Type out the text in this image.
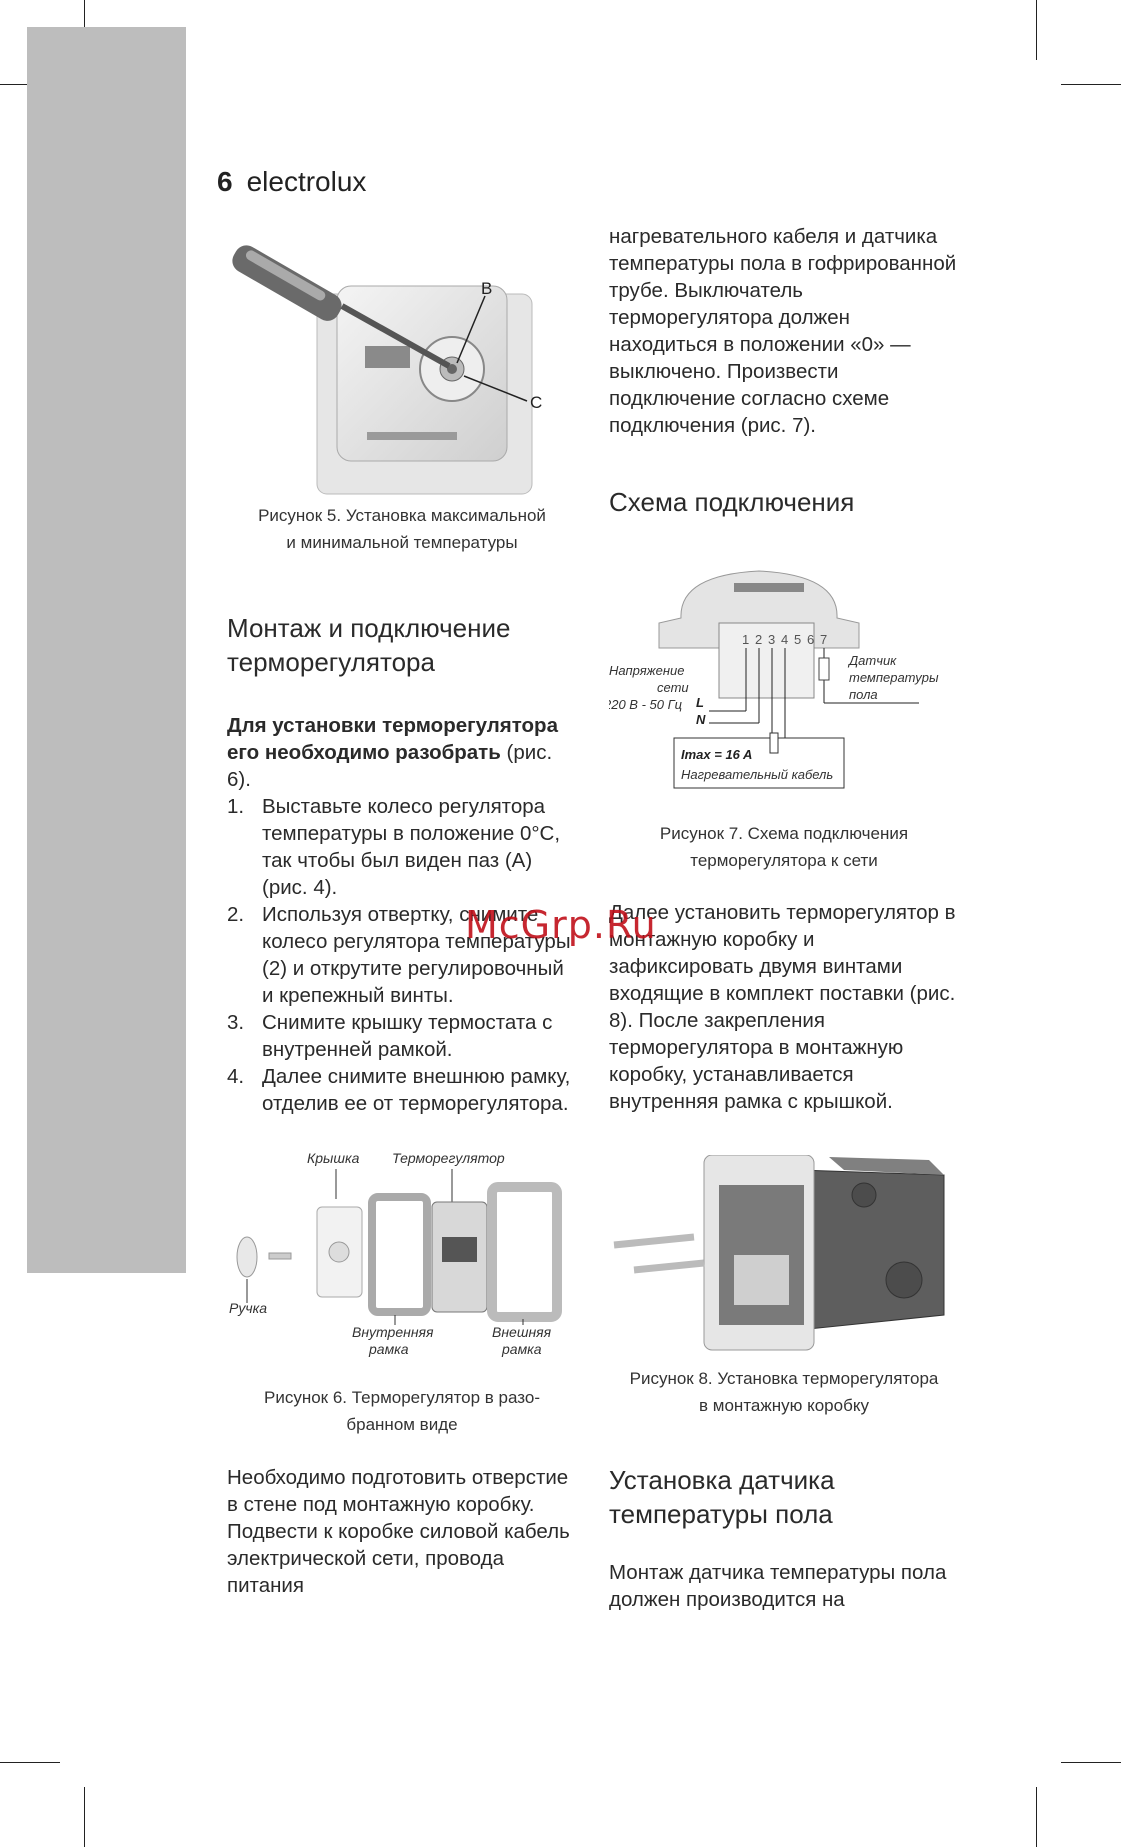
6 electrolux
B
C
Рисунок 5. Установка максимальной
и минимальной температуры
Монтаж и подключение
терморегулятора

Для установки терморегулятора его необходимо разобрать (рис. 6).

1. Выставьте колесо регулятора температуры в положение 0°С, так чтобы был виден паз (А) (рис. 4).
2. Используя отвертку, снимите колесо регулятора температуры (2) и открутите регулировочный и крепежный винты.
3. Снимите крышку термостата с внутренней рамкой.
4. Далее снимите внешнюю рамку, отделив ее от терморегулятора.
Крышка Терморегулятор
Ручка
Внутренняя
рамка
Внешняя
рамка
Рисунок 6. Терморегулятор в разо-
бранном виде

Необходимо подготовить отверстие в стене под монтажную коробку. Подвести к коробке силовой кабель электрической сети, провода питания

нагревательного кабеля и датчика температуры пола в гофрированной трубе. Выключатель терморегулятора должен находиться в положении «0» — выключено. Произвести подключение согласно схеме подключения (рис. 7).

Схема подключения
1 2 3 4 5 6 7
Напряжение
сети
220 В - 50 Гц L
N
Датчик
температуры
пола
Imax = 16 A
Нагревательный кабель
Рисунок 7. Схема подключения
терморегулятора к сети

Далее установить терморегулятор в монтажную коробку и зафиксировать двумя винтами входящие в комплект поставки (рис. 8). После закрепления терморегулятора в монтажную коробку, устанавливается внутренняя рамка с крышкой.

Рисунок 8. Установка терморегулятора
в монтажную коробку
Установка датчика
температуры пола

Монтаж датчика температуры пола должен производится на

McGrp.Ru
